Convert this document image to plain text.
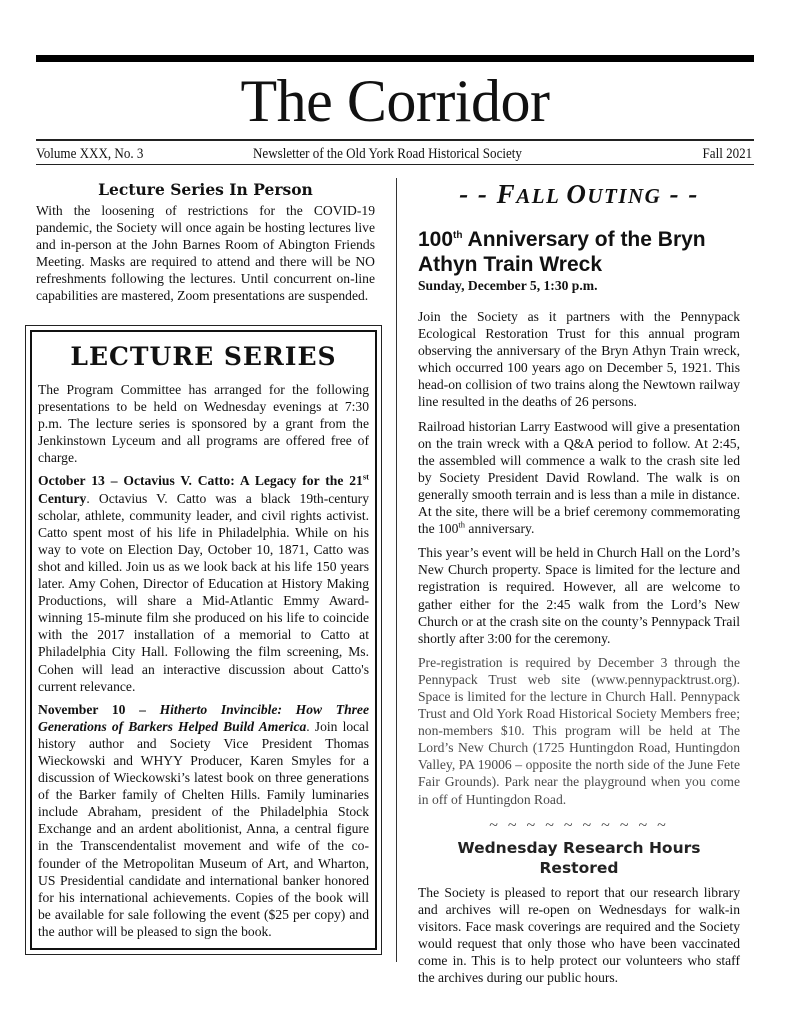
The Corridor
Volume XXX, No. 3	Newsletter of the Old York Road Historical Society	Fall 2021
Lecture Series In Person

With the loosening of restrictions for the COVID-19 pandemic, the Society will once again be hosting lectures live and in-person at the John Barnes Room of Abington Friends Meeting. Masks are required to attend and there will be NO refreshments following the lectures. Until concurrent on-line capabilities are mastered, Zoom presentations are suspended.

LECTURE SERIES

The Program Committee has arranged for the following presentations to be held on Wednesday evenings at 7:30 p.m. The lecture series is sponsored by a grant from the Jenkinstown Lyceum and all programs are offered free of charge.

October 13 – Octavius V. Catto: A Legacy for the 21st Century. Octavius V. Catto was a black 19th-century scholar, athlete, community leader, and civil rights activist. Catto spent most of his life in Philadelphia. While on his way to vote on Election Day, October 10, 1871, Catto was shot and killed. Join us as we look back at his life 150 years later. Amy Cohen, Director of Education at History Making Productions, will share a Mid-Atlantic Emmy Award-winning 15-minute film she produced on his life to coincide with the 2017 installation of a memorial to Catto at Philadelphia City Hall. Following the film screening, Ms. Cohen will lead an interactive discussion about Catto's current relevance.

November 10 – Hitherto Invincible: How Three Generations of Barkers Helped Build America. Join local history author and Society Vice President Thomas Wieckowski and WHYY Producer, Karen Smyles for a discussion of Wieckowski’s latest book on three generations of the Barker family of Chelten Hills. Family luminaries include Abraham, president of the Philadelphia Stock Exchange and an ardent abolitionist, Anna, a central figure in the Transcendentalist movement and wife of the co-founder of the Metropolitan Museum of Art, and Wharton, US Presidential candidate and international banker honored for his international achievements. Copies of the book will be available for sale following the event ($25 per copy) and the author will be pleased to sign the book.

- - FALL OUTING - -
100th Anniversary of the Bryn Athyn Train Wreck
Sunday, December 5, 1:30 p.m.

Join the Society as it partners with the Pennypack Ecological Restoration Trust for this annual program observing the anniversary of the Bryn Athyn Train wreck, which occurred 100 years ago on December 5, 1921. This head-on collision of two trains along the Newtown railway line resulted in the deaths of 26 persons.

Railroad historian Larry Eastwood will give a presentation on the train wreck with a Q&A period to follow. At 2:45, the assembled will commence a walk to the crash site led by Society President David Rowland. The walk is on generally smooth terrain and is less than a mile in distance. At the site, there will be a brief ceremony commemorating the 100th anniversary.

This year’s event will be held in Church Hall on the Lord’s New Church property. Space is limited for the lecture and registration is required. However, all are welcome to gather either for the 2:45 walk from the Lord’s New Church or at the crash site on the county’s Pennypack Trail shortly after 3:00 for the ceremony.

Pre-registration is required by December 3 through the Pennypack Trust web site (www.pennypacktrust.org). Space is limited for the lecture in Church Hall. Pennypack Trust and Old York Road Historical Society Members free; non-members $10. This program will be held at The Lord’s New Church (1725 Huntingdon Road, Huntingdon Valley, PA 19006 – opposite the north side of the June Fete Fair Grounds). Park near the playground when you come in off of Huntingdon Road.

~ ~ ~ ~ ~ ~ ~ ~ ~ ~
Wednesday Research Hours Restored

The Society is pleased to report that our research library and archives will re-open on Wednesdays for walk-in visitors. Face mask coverings are required and the Society would request that only those who have been vaccinated come in. This is to help protect our volunteers who staff the archives during our public hours.
